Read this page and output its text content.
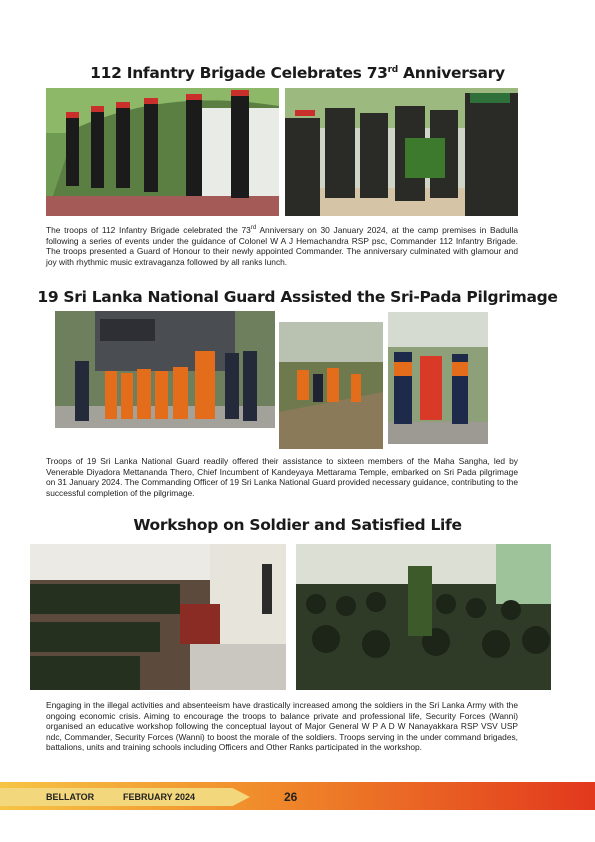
112 Infantry Brigade Celebrates 73rd Anniversary

The troops of 112 Infantry Brigade celebrated the 73rd Anniversary on 30 January 2024, at the camp premises in Badulla following a series of events under the guidance of Colonel W A J Hemachandra RSP psc, Commander 112 Infantry Brigade. The troops presented a Guard of Honour to their newly appointed Commander. The anniversary culminated with glamour and joy with rhythmic music extravaganza followed by all ranks lunch.

19 Sri Lanka National Guard Assisted the Sri-Pada Pilgrimage

Troops of 19 Sri Lanka National Guard readily offered their assistance to sixteen members of the Maha Sangha, led by Venerable Diyadora Mettananda Thero, Chief Incumbent of Kandeyaya Mettarama Temple, embarked on Sri Pada pilgrimage on 31 January 2024. The Commanding Officer of 19 Sri Lanka National Guard provided necessary guidance, contributing to the successful completion of the pilgrimage.

Workshop on Soldier and Satisfied Life

Engaging in the illegal activities and absenteeism have drastically increased among the soldiers in the Sri Lanka Army with the ongoing economic crisis. Aiming to encourage the troops to balance private and professional life, Security Forces (Wanni) organised an educative workshop following the conceptual layout of Major General W P A D W Nanayakkara RSP VSV USP ndc, Commander, Security Forces (Wanni) to boost the morale of the soldiers. Troops serving in the under command brigades, battalions, units and training schools including Officers and Other Ranks participated in the workshop.

BELLATOR	FEBRUARY 2024	26
